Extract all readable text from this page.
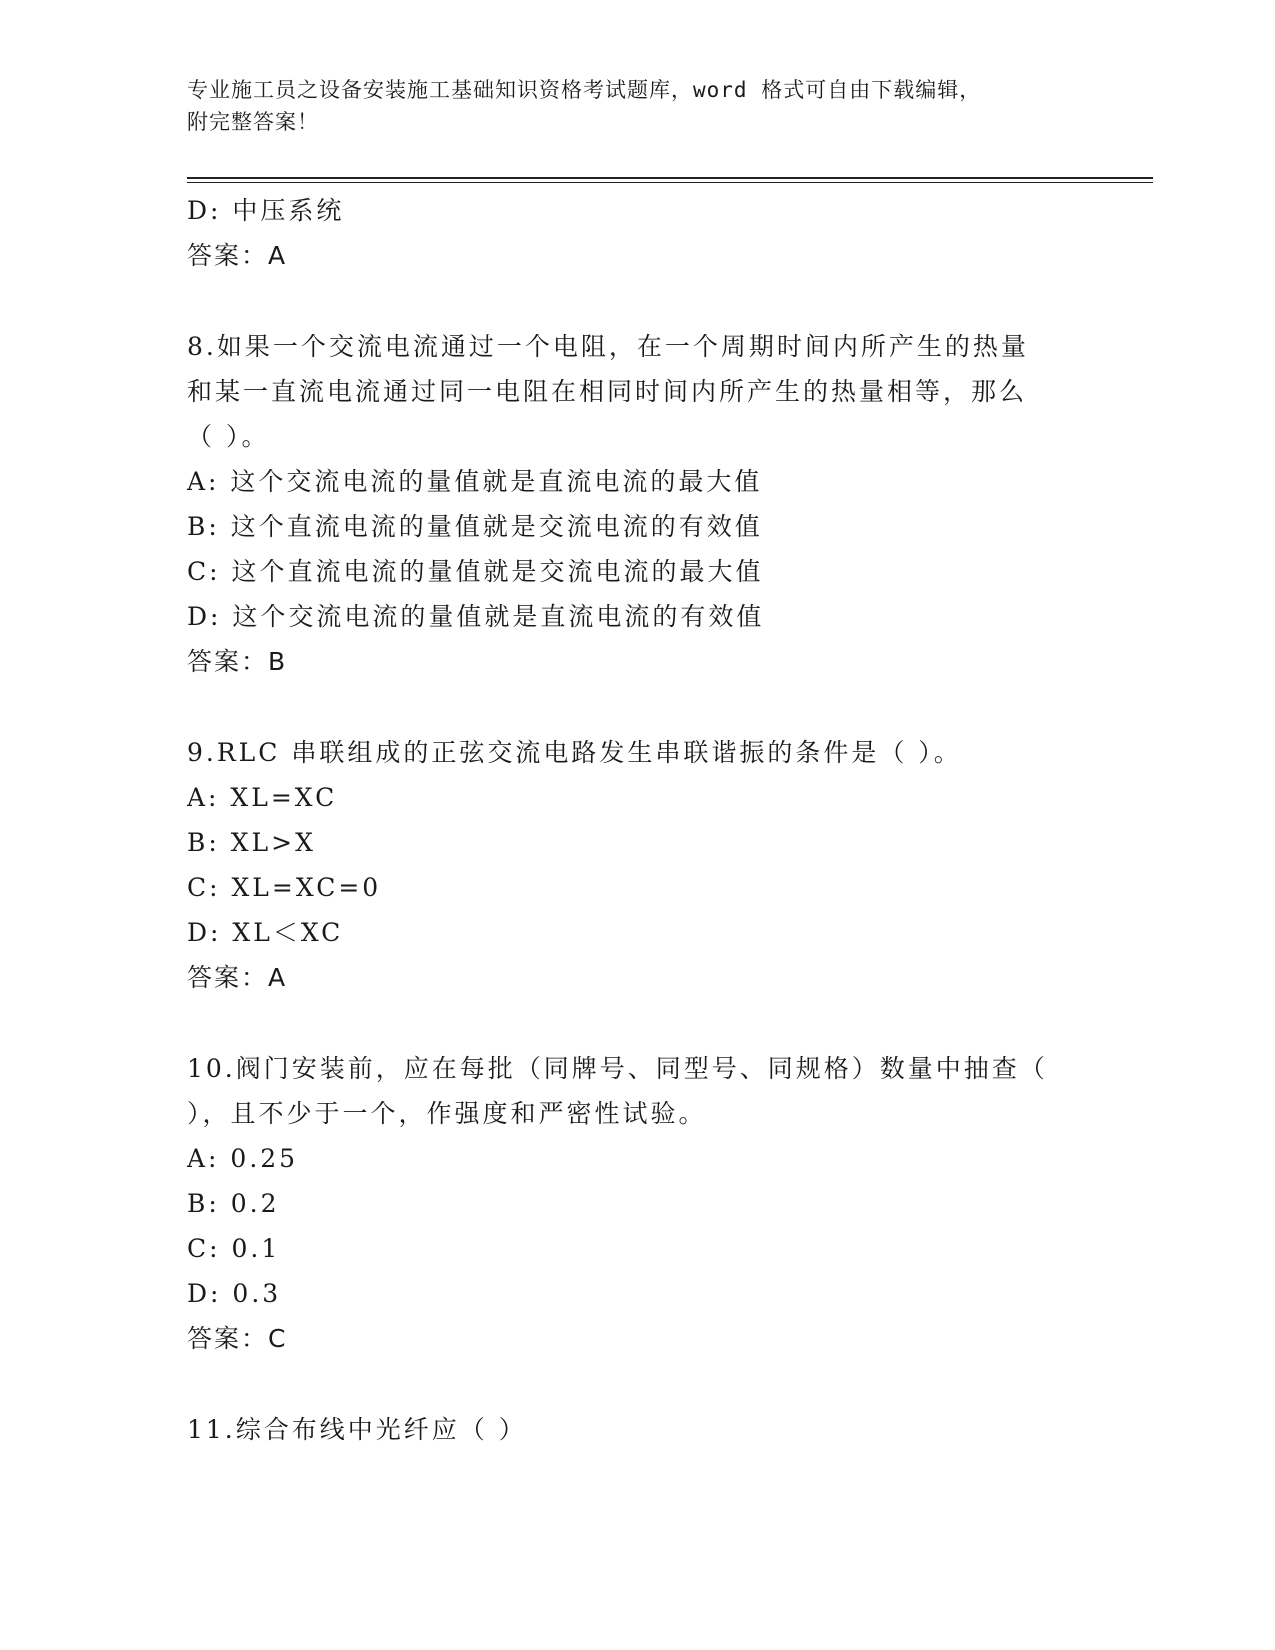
专业施工员之设备安装施工基础知识资格考试题库，word 格式可自由下载编辑，
附完整答案！
D: 中压系统
答案：A
8.如果一个交流电流通过一个电阻，在一个周期时间内所产生的热量
和某一直流电流通过同一电阻在相同时间内所产生的热量相等，那么
（ ）。
A: 这个交流电流的量值就是直流电流的最大值
B: 这个直流电流的量值就是交流电流的有效值
C: 这个直流电流的量值就是交流电流的最大值
D: 这个交流电流的量值就是直流电流的有效值
答案：B
9.RLC 串联组成的正弦交流电路发生串联谐振的条件是（ ）。
A: XL=XC
B: XL>X
C: XL=XC=0
D: XL＜XC
答案：A
10.阀门安装前，应在每批（同牌号、同型号、同规格）数量中抽查（
），且不少于一个，作强度和严密性试验。
A: 0.25
B: 0.2
C: 0.1
D: 0.3
答案：C
11.综合布线中光纤应（ ）
